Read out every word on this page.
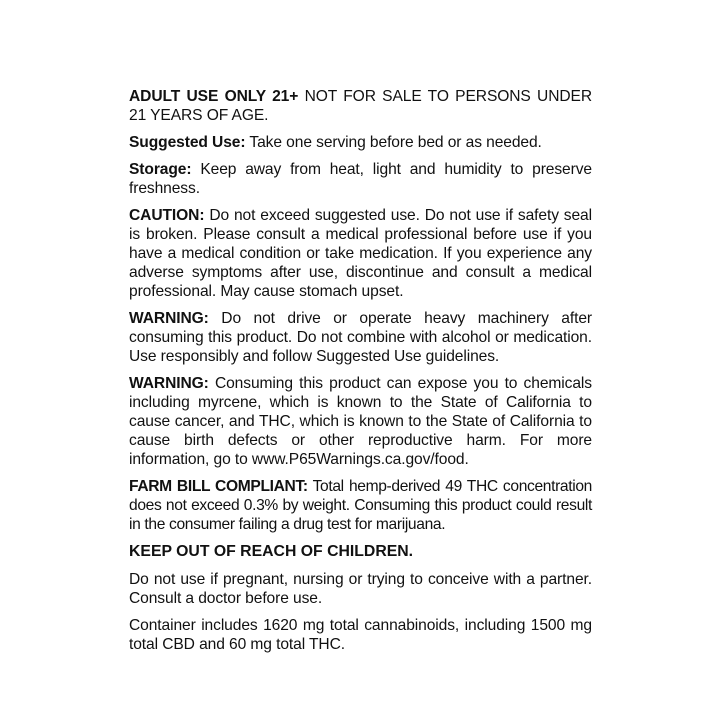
ADULT USE ONLY 21+ NOT FOR SALE TO PERSONS UNDER 21 YEARS OF AGE.

Suggested Use: Take one serving before bed or as needed.

Storage: Keep away from heat, light and humidity to preserve freshness.

CAUTION: Do not exceed suggested use. Do not use if safety seal is broken. Please consult a medical professional before use if you have a medical condition or take medication. If you experience any adverse symptoms after use, discontinue and consult a medical professional. May cause stomach upset.

WARNING: Do not drive or operate heavy machinery after consuming this product. Do not combine with alcohol or medication. Use responsibly and follow Suggested Use guidelines.

WARNING: Consuming this product can expose you to chemicals including myrcene, which is known to the State of California to cause cancer, and THC, which is known to the State of California to cause birth defects or other reproductive harm. For more information, go to www.P65Warnings.ca.gov/food.

FARM BILL COMPLIANT: Total hemp-derived 49 THC concentration does not exceed 0.3% by weight. Consuming this product could result in the consumer failing a drug test for marijuana.

KEEP OUT OF REACH OF CHILDREN.

Do not use if pregnant, nursing or trying to conceive with a partner. Consult a doctor before use.

Container includes 1620 mg total cannabinoids, including 1500 mg total CBD and 60 mg total THC.
